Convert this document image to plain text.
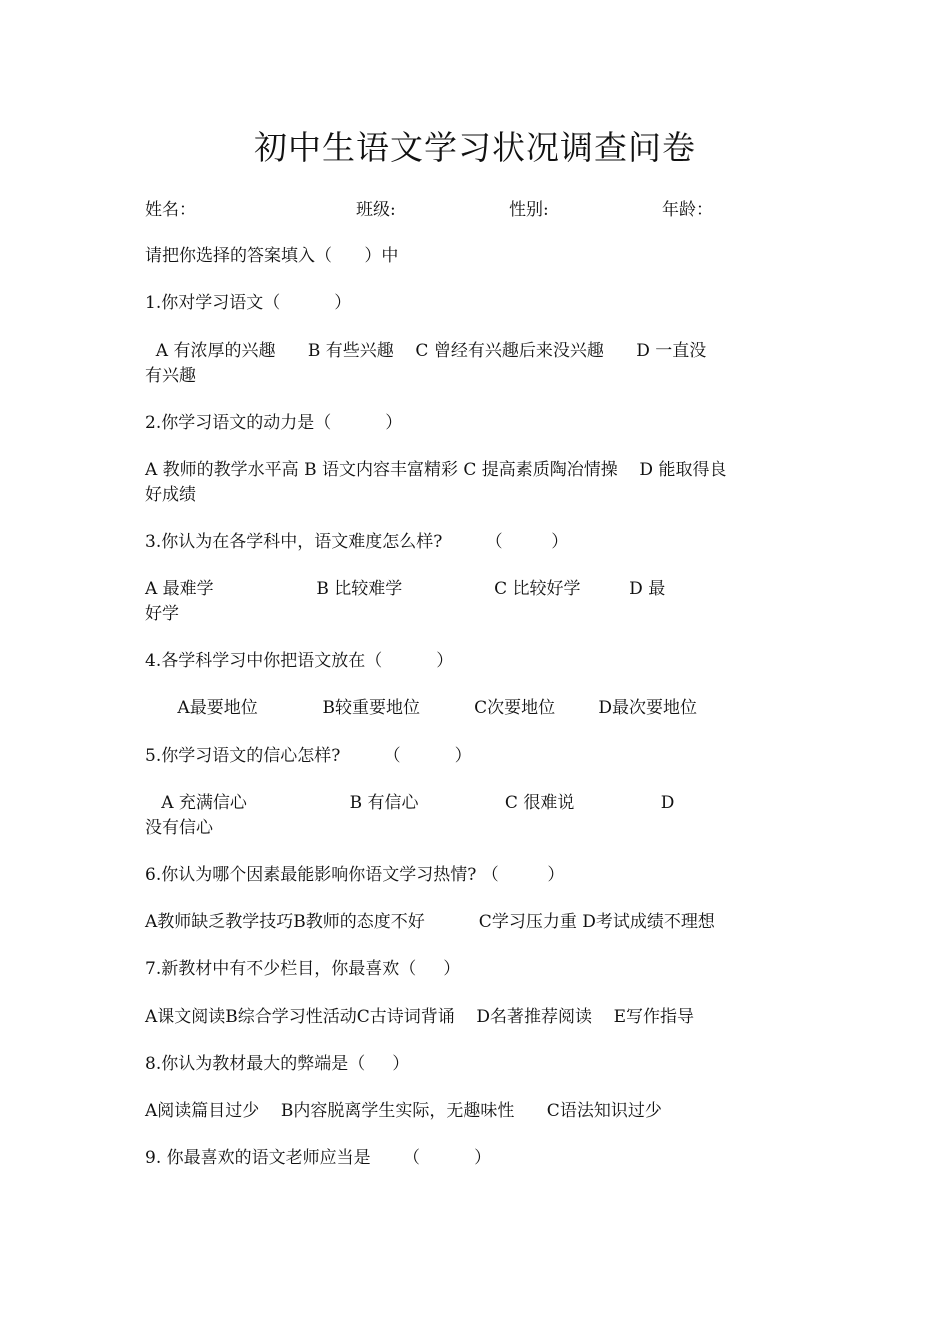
初中生语文学习状况调查问卷
姓名：	班级:	性别:	年龄：
请把你选择的答案填入（      ）中
1.你对学习语文（          ）
A 有浓厚的兴趣      B 有些兴趣    C 曾经有兴趣后来没兴趣      D 一直没
有兴趣
2.你学习语文的动力是（          ）
A 教师的教学水平高 B 语文内容丰富精彩 C 提高素质陶冶情操    D 能取得良
好成绩
3.你认为在各学科中，语文难度怎么样?        （         ）
A 最难学                   B 比较难学                 C 比较好学         D 最
好学
4.各学科学习中你把语文放在（          ）
A最要地位            B较重要地位          C次要地位        D最次要地位
5.你学习语文的信心怎样?        （          ）
A 充满信心                   B 有信心                C 很难说                D
没有信心
6.你认为哪个因素最能影响你语文学习热情? （         ）
A教师缺乏教学技巧B教师的态度不好          C学习压力重 D考试成绩不理想
7.新教材中有不少栏目，你最喜欢（     ）
A课文阅读B综合学习性活动C古诗词背诵    D名著推荐阅读    E写作指导
8.你认为教材最大的弊端是（     ）
A阅读篇目过少    B内容脱离学生实际，无趣味性      C语法知识过少
9. 你最喜欢的语文老师应当是      （          ）
